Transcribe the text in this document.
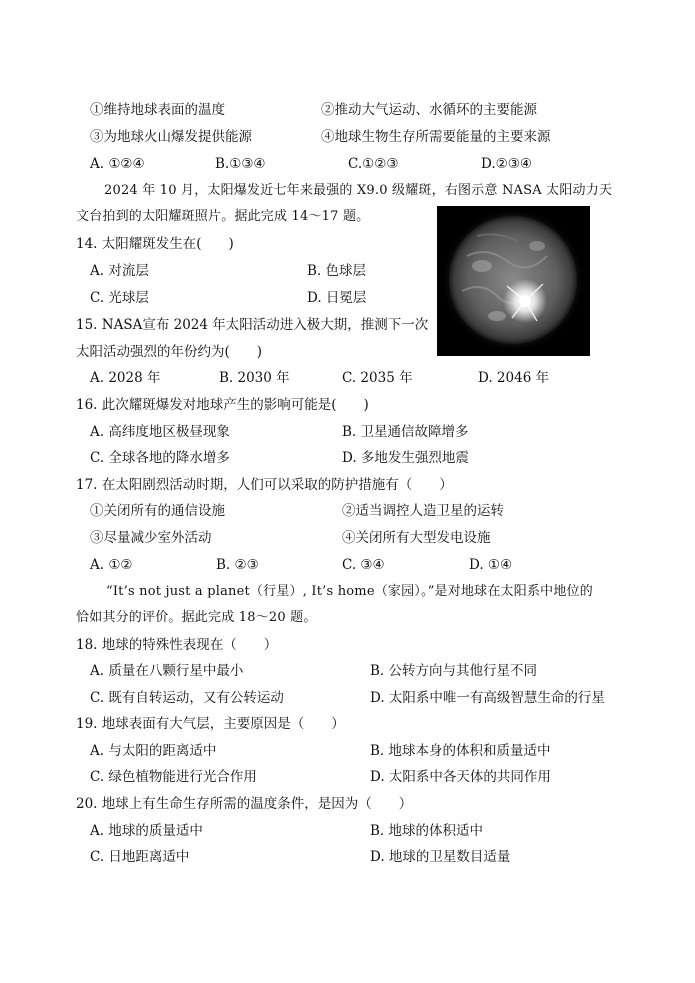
①维持地球表面的温度	②推动大气运动、水循环的主要能源
③为地球火山爆发提供能源	④地球生物生存所需要能量的主要来源
A. ①②④	B.①③④	C.①②③	D.②③④
2024 年 10 月，太阳爆发近七年来最强的 X9.0 级耀斑，右图示意 NASA 太阳动力天
文台拍到的太阳耀斑照片。据此完成 14～17 题。
14. 太阳耀斑发生在(　　)
A. 对流层	B. 色球层
C. 光球层	D. 日冕层
15. NASA宣布 2024 年太阳活动进入极大期，推测下一次
太阳活动强烈的年份约为(　　)
A. 2028 年	B. 2030 年	C. 2035 年	D. 2046 年
16. 此次耀斑爆发对地球产生的影响可能是(　　)
A. 高纬度地区极昼现象	B. 卫星通信故障增多
C. 全球各地的降水增多	D. 多地发生强烈地震
17. 在太阳剧烈活动时期，人们可以采取的防护措施有（　　）
①关闭所有的通信设施	②适当调控人造卫星的运转
③尽量减少室外活动	④关闭所有大型发电设施
A. ①②	B. ②③	C. ③④	D. ①④
“It’s not just a planet（行星）, It’s home（家园）。”是对地球在太阳系中地位的
恰如其分的评价。据此完成 18～20 题。
18. 地球的特殊性表现在（　　）
A. 质量在八颗行星中最小	B. 公转方向与其他行星不同
C. 既有自转运动，又有公转运动	D. 太阳系中唯一有高级智慧生命的行星
19. 地球表面有大气层，主要原因是（　　）
A. 与太阳的距离适中	B. 地球本身的体积和质量适中
C. 绿色植物能进行光合作用	D. 太阳系中各天体的共同作用
20. 地球上有生命生存所需的温度条件，是因为（　　）
A. 地球的质量适中	B. 地球的体积适中
C. 日地距离适中	D. 地球的卫星数目适量
